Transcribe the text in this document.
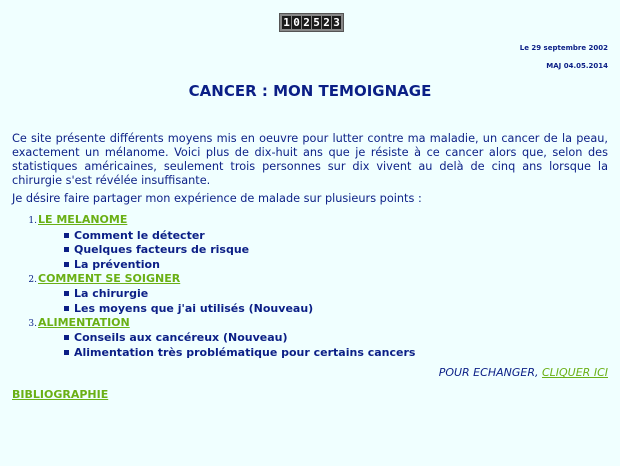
1 0 2 5 2 3
Le 29 septembre 2002
MAJ 04.05.2014
CANCER : MON TEMOIGNAGE

Ce site présente différents moyens mis en oeuvre pour lutter contre ma maladie, un cancer de la peau, exactement un mélanome. Voici plus de dix-huit ans que je résiste à ce cancer alors que, selon des statistiques américaines, seulement trois personnes sur dix vivent au delà de cinq ans lorsque la chirurgie s'est révélée insuffisante.

Je désire faire partager mon expérience de malade sur plusieurs points :
1. LE MELANOME
Comment le détecter
Quelques facteurs de risque
La prévention
2. COMMENT SE SOIGNER
La chirurgie
Les moyens que j'ai utilisés (Nouveau)
3. ALIMENTATION
Conseils aux cancéreux (Nouveau)
Alimentation très problématique pour certains cancers
POUR ECHANGER, CLIQUER ICI
BIBLIOGRAPHIE
